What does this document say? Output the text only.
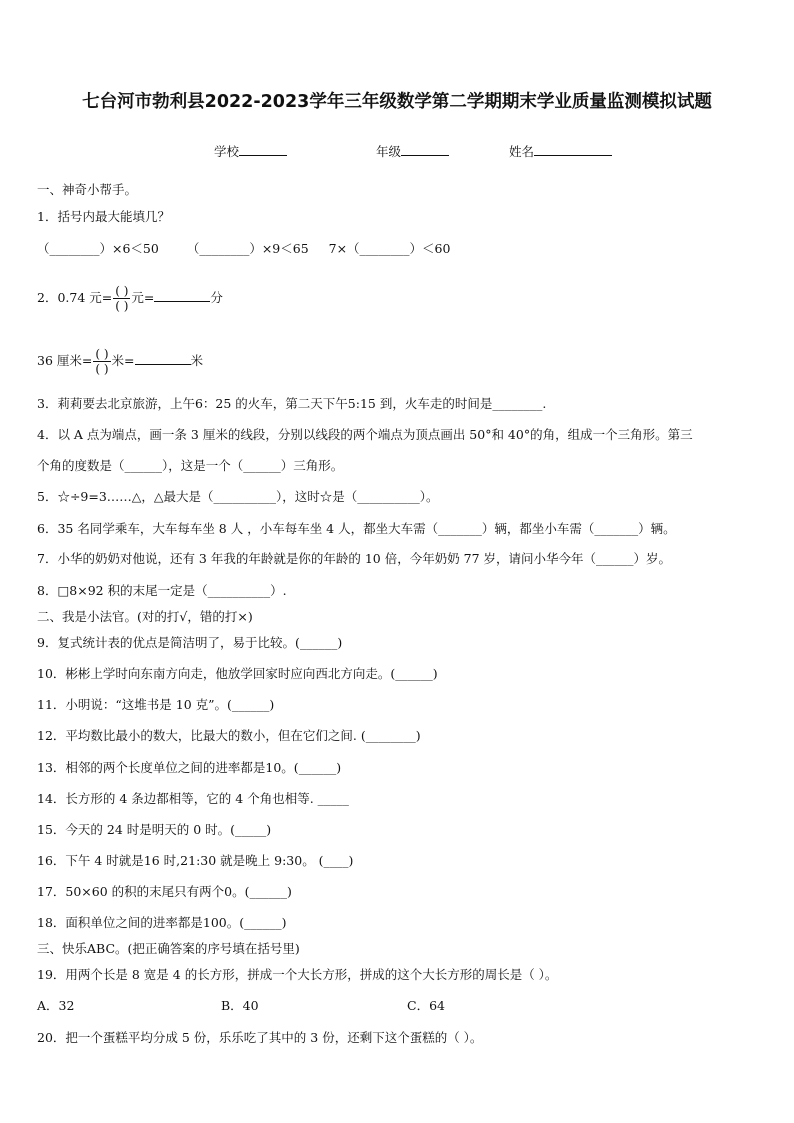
七台河市勃利县2022-2023学年三年级数学第二学期期末学业质量监测模拟试题
学校	年级	姓名
一、神奇小帮手。
1．括号内最大能填几？
（________）×6＜50 （________）×9＜65 7×（________）＜60
2．0.74 元= $\frac{( )}{( )}$ 元=	分
36 厘米= $\frac{( )}{( )}$ 米=	米
3．莉莉要去北京旅游，上午6：25 的火车，第二天下午5:15 到，火车走的时间是________.
4．以 A 点为端点，画一条 3 厘米的线段，分别以线段的两个端点为顶点画出 50°和 40°的角，组成一个三角形。第三
个角的度数是（______），这是一个（______）三角形。
5．☆÷9=3……△，△最大是（__________），这时☆是（__________）。
6．35 名同学乘车，大车每车坐 8 人 ，小车每车坐 4 人，都坐大车需（_______）辆，都坐小车需（_______）辆。
7．小华的奶奶对他说，还有 3 年我的年龄就是你的年龄的 10 倍，今年奶奶 77 岁，请问小华今年（______）岁。
8．□8×92 积的末尾一定是（__________）.
二、我是小法官。(对的打√，错的打×)
9．复式统计表的优点是简洁明了，易于比较。(______)
10．彬彬上学时向东南方向走，他放学回家时应向西北方向走。(______)
11．小明说：“这堆书是 10 克”。(______)
12．平均数比最小的数大，比最大的数小，但在它们之间. (________)
13．相邻的两个长度单位之间的进率都是10。(______)
14．长方形的 4 条边都相等，它的 4 个角也相等. _____
15．今天的 24 时是明天的 0 时。(_____)
16．下午 4 时就是16 时,21:30 就是晚上 9:30。 (____)
17．50×60 的积的末尾只有两个0。(______)
18．面积单位之间的进率都是100。(______)
三、快乐ABC。(把正确答案的序号填在括号里)
19．用两个长是 8 宽是 4 的长方形，拼成一个大长方形，拼成的这个大长方形的周长是（ ）。
A．32	B．40	C．64
20．把一个蛋糕平均分成 5 份，乐乐吃了其中的 3 份，还剩下这个蛋糕的（ ）。
